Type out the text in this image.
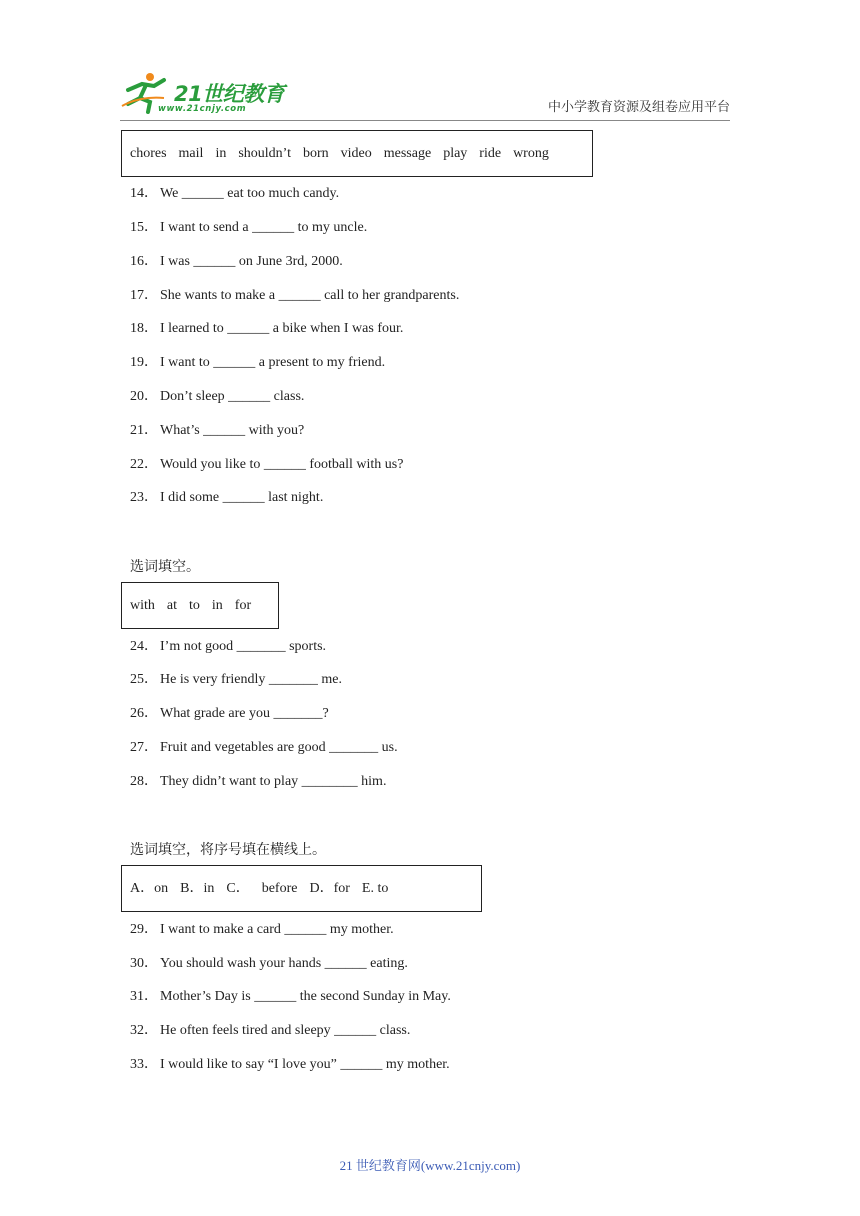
21世纪教育
www.21cnjy.com	中小学教育资源及组卷应用平台
chores mail in shouldn’t born video message play ride wrong
14． We ______ eat too much candy.
15． I want to send a ______ to my uncle.
16． I was ______ on June 3rd, 2000.
17． She wants to make a ______ call to her grandparents.
18． I learned to ______ a bike when I was four.
19． I want to ______ a present to my friend.
20． Don’t sleep ______ class.
21． What’s ______ with you?
22． Would you like to ______ football with us?
23． I did some ______ last night.
选词填空。
with at to in for
24． I’m not good _______ sports.
25． He is very friendly _______ me.
26． What grade are you _______?
27． Fruit and vegetables are good _______ us.
28． They didn’t want to play ________ him.
选词填空，将序号填在横线上。
A．on B．in C． before D．for E. to
29． I want to make a card ______ my mother.
30． You should wash your hands ______ eating.
31． Mother’s Day is ______ the second Sunday in May.
32． He often feels tired and sleepy ______ class.
33． I would like to say “I love you” ______ my mother.
21 世纪教育网(www.21cnjy.com)
